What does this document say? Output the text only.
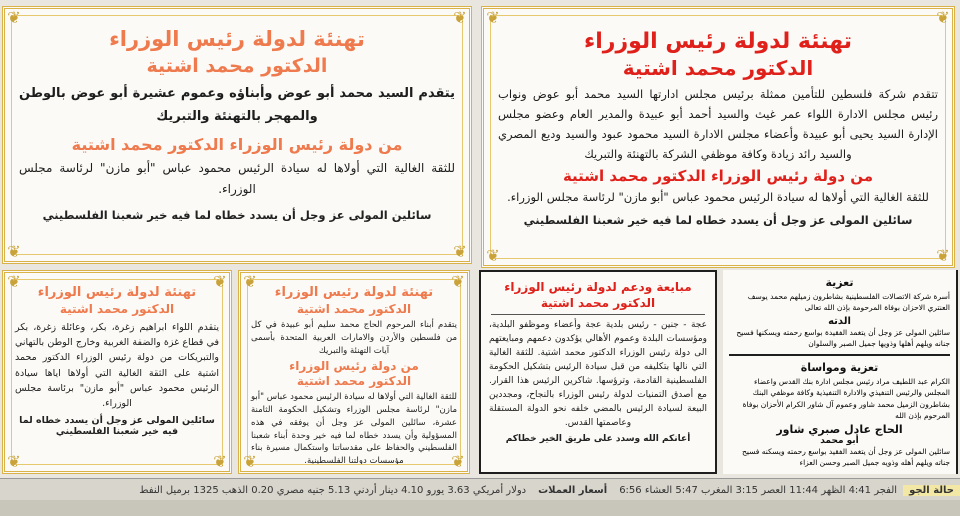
❦	❦
❦	❦
تهنئة لدولة رئيس الوزراء
الدكتور محمد اشتية
تتقدم شركة فلسطين للتأمين ممثلة برئيس مجلس ادارتها السيد محمد أبو عوض ونواب رئيس مجلس الادارة اللواء عمر غيث والسيد أحمد أبو عبيدة والمدير العام وعضو مجلس الإدارة السيد يحيى أبو عبيدة وأعضاء مجلس الادارة السيد محمود عبود والسيد وديع المصري والسيد رائد زيادة وكافة موظفي الشركة بالتهنئة والتبريك
من دولة رئيس الوزراء الدكتور محمد اشتية
للثقة الغالية التي أولاها له سيادة الرئيس محمود عباس "أبو مازن" لرئاسة مجلس الوزراء.
سائلين المولى عز وجل أن يسدد خطاه لما فيه خير شعبنا الفلسطيني
❦	❦
❦	❦
تهنئة لدولة رئيس الوزراء
الدكتور محمد اشتية
يتقدم السيد محمد أبو عوض وأبناؤه وعموم عشيرة أبو عوض بالوطن والمهجر بالتهنئة والتبريك
من دولة رئيس الوزراء الدكتور محمد اشتية
للثقة الغالية التي أولاها له سيادة الرئيس محمود عباس "أبو مازن" لرئاسة مجلس الوزراء.
سائلين المولى عز وجل أن يسدد خطاه لما فيه خير شعبنا الفلسطيني
❦	❦
❦	❦
تهنئة لدولة رئيس الوزراء
الدكتور محمد اشتية
يتقدم اللواء ابراهيم زغرة، بكر، وعائلة زغرة، بكر في قطاع غزة والضفة الغربية وخارج الوطن بالتهاني والتبريكات من دولة رئيس الوزراء الدكتور محمد اشتية على الثقة الغالية التي أولاها اياها سيادة الرئيس محمود عباس "أبو مازن" برئاسة مجلس الوزراء.
سائلين المولى عز وجل أن يسدد خطاه لما فيه خير شعبنا الفلسطيني
❦	❦
❦	❦
تهنئة لدولة رئيس الوزراء
الدكتور محمد اشتية
يتقدم أبناء المرحوم الحاج محمد سليم أبو عبيدة في كل من فلسطين والأردن والامارات العربية المتحدة بأسمى آيات التهنئة والتبريك
من دولة رئيس الوزراء
الدكتور محمد اشتية
للثقة الغالية التي أولاها له سيادة الرئيس محمود عباس "أبو مازن" لرئاسة مجلس الوزراء وتشكيل الحكومة الثامنة عشرة، سائلين المولى عز وجل أن يوفقه في هذه المسؤولية وأن يسدد خطاه لما فيه خير وحدة أبناء شعبنا الفلسطيني والحفاظ على مقدساتنا واستكمال مسيرة بناء مؤسسات دولتنا الفلسطينية.
مبايعة ودعم لدولة رئيس الوزراء
الدكتور محمد اشتية
عجة - جنين - رئيس بلدية عجة وأعضاء وموظفو البلدية، ومؤسسات البلدة وعموم الأهالي يؤكدون دعمهم ومبايعتهم الى دولة رئيس الوزراء الدكتور محمد اشتية. للثقة الغالية التي نالها بتكليفه من قبل سيادة الرئيس بتشكيل الحكومة الفلسطينية القادمة، وترؤسها. شاكرين الرئيس هذا القرار. مع أصدق التمنيات لدولة رئيس الوزراء بالنجاح، ومجددين البيعة لسيادة الرئيس بالمضي خلفه نحو الدولة المستقلة وعاصمتها القدس.
أعانكم الله وسدد على طريق الخير خطاكم
تعزية
أسرة شركة الاتصالات الفلسطينية بشاطرون زميلهم محمد يوسف العنتري الاحزان بوفاة المرحومة بإذن الله تعالى
الدته
سائلين المولى عز وجل أن يتغمد الفقيدة بواسع رحمته ويسكنها فسيح جنانه ويلهم أهلها وذويها جميل الصبر والسلوان
تعزية ومواساة
الكرام عبد اللطيف مراد رئيس مجلس ادارة بنك القدس واعضاء المجلس والرئيس التنفيذي والادارة التنفيذية وكافة موظفي البنك بشاطرون الزميل محمد شاور وعموم آل شاور الكرام الأحزان بوفاة المرحوم بإذن الله
الحاج عادل صبري شاور
أبو محمد
سائلين المولى عز وجل أن يتغمد الفقيد بواسع رحمته ويسكنه فسيح جناته ويلهم أهله وذويه جميل الصبر وحسن العزاء
حالة الجو
الفجر 4:41 الظهر 11:44 العصر 3:15 المغرب 5:47 العشاء 6:56
أسعار العملات
دولار أمريكي 3.63 يورو 4.10 دينار أردني 5.13 جنيه مصري 0.20 الذهب 1325 برميل النفط
